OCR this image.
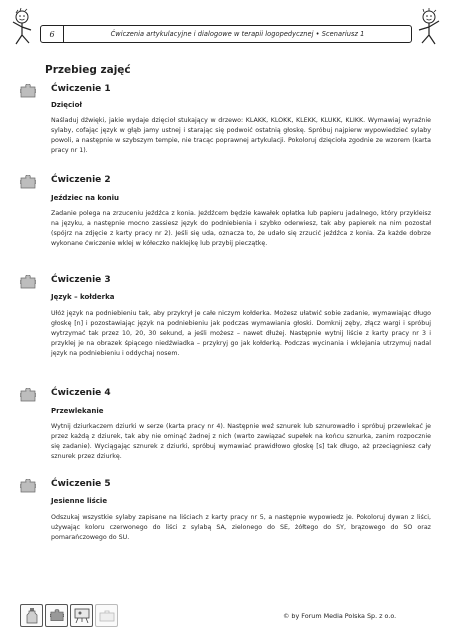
6	Ćwiczenia artykulacyjne i dialogowe w terapii logopedycznej • Scenariusz 1
Przebieg zajęć
Ćwiczenie 1
Dzięcioł
Naśladuj dźwięki, jakie wydaje dzięcioł stukający w drzewo: KLAKK, KLOKK, KLEKK, KLUKK, KLIKK. Wymawiaj wyraźnie sylaby, cofając język w głąb jamy ustnej i starając się podwoić ostatnią głoskę. Spróbuj najpierw wypowiedzieć sylaby powoli, a następnie w szybszym tempie, nie tracąc poprawnej artykulacji. Pokoloruj dzięcioła zgodnie ze wzorem (karta pracy nr 1).
Ćwiczenie 2
Jeździec na koniu
Zadanie polega na zrzuceniu jeźdźca z konia. Jeźdźcem będzie kawałek opłatka lub papieru jadalnego, który przykleisz na języku, a następnie mocno zassiesz język do podniebienia i szybko oderwiesz, tak aby papierek na nim pozostał (spójrz na zdjęcie z karty pracy nr 2). Jeśli się uda, oznacza to, że udało się zrzucić jeźdźca z konia. Za każde dobrze wykonane ćwiczenie wklej w kółeczko naklejkę lub przybij pieczątkę.
Ćwiczenie 3
Język – kołderka
Ułóż język na podniebieniu tak, aby przykrył je całe niczym kołderka. Możesz ułatwić sobie zadanie, wymawiając długo głoskę [n] i pozostawiając język na podniebieniu jak podczas wymawiania głoski. Domknij zęby, złącz wargi i spróbuj wytrzymać tak przez 10, 20, 30 sekund, a jeśli możesz – nawet dłużej. Następnie wytnij liście z karty pracy nr 3 i przyklej je na obrazek śpiącego niedźwiadka – przykryj go jak kołderką. Podczas wycinania i wklejania utrzymuj nadal język na podniebieniu i oddychaj nosem.
Ćwiczenie 4
Przewlekanie
Wytnij dziurkaczem dziurki w serze (karta pracy nr 4). Następnie weź sznurek lub sznurowadło i spróbuj przewlekać je przez każdą z dziurek, tak aby nie ominąć żadnej z nich (warto zawiązać supełek na końcu sznurka, zanim rozpocznie się zadanie). Wyciągając sznurek z dziurki, spróbuj wymawiać prawidłowo głoskę [s] tak długo, aż przeciągniesz cały sznurek przez dziurkę.
Ćwiczenie 5
Jesienne liście
Odszukaj wszystkie sylaby zapisane na liściach z karty pracy nr 5, a następnie wypowiedz je. Pokoloruj dywan z liści, używając koloru czerwonego do liści z sylabą SA, zielonego do SE, żółtego do SY, brązowego do SO oraz pomarańczowego do SU.
© by Forum Media Polska Sp. z o.o.
